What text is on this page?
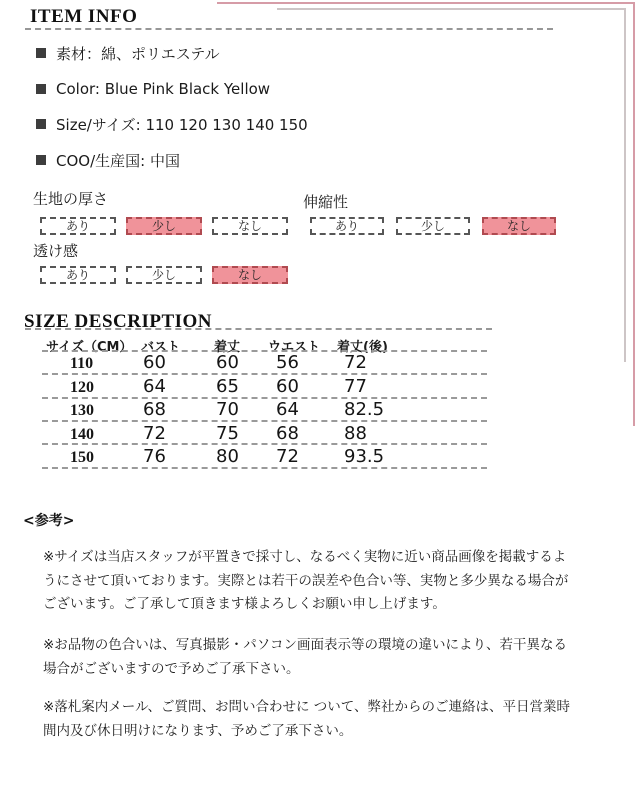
ITEM INFO
素材：綿、ポリエステル
Color: Blue Pink Black Yellow
Size/サイズ: 110 120 130 140 150
COO/生産国: 中国
生地の厚さ
あり	少し	なし
伸縮性
あり	少し	なし
透け感
あり	少し	なし
SIZE DESCRIPTION
サイズ（CM） バスト	着丈 ウエスト 着丈(後)
110	60	60 56	72
120	64	65 60	77
130	68	70 64	82.5
140	72	75 68	88
150	76	80 72	93.5
<参考>
※サイズは当店スタッフが平置きで採寸し、なるべく実物に近い商品画像を掲載するよ
うにさせて頂いております。実際とは若干の誤差や色合い等、実物と多少異なる場合が
ございます。ご了承して頂きます様よろしくお願い申し上げます。
※お品物の色合いは、写真撮影・パソコン画面表示等の環境の違いにより、若干異なる
場合がございますので予めご了承下さい。
※落札案内メール、ご質問、お問い合わせに ついて、弊社からのご連絡は、平日営業時
間内及び休日明けになります、予めご了承下さい。
